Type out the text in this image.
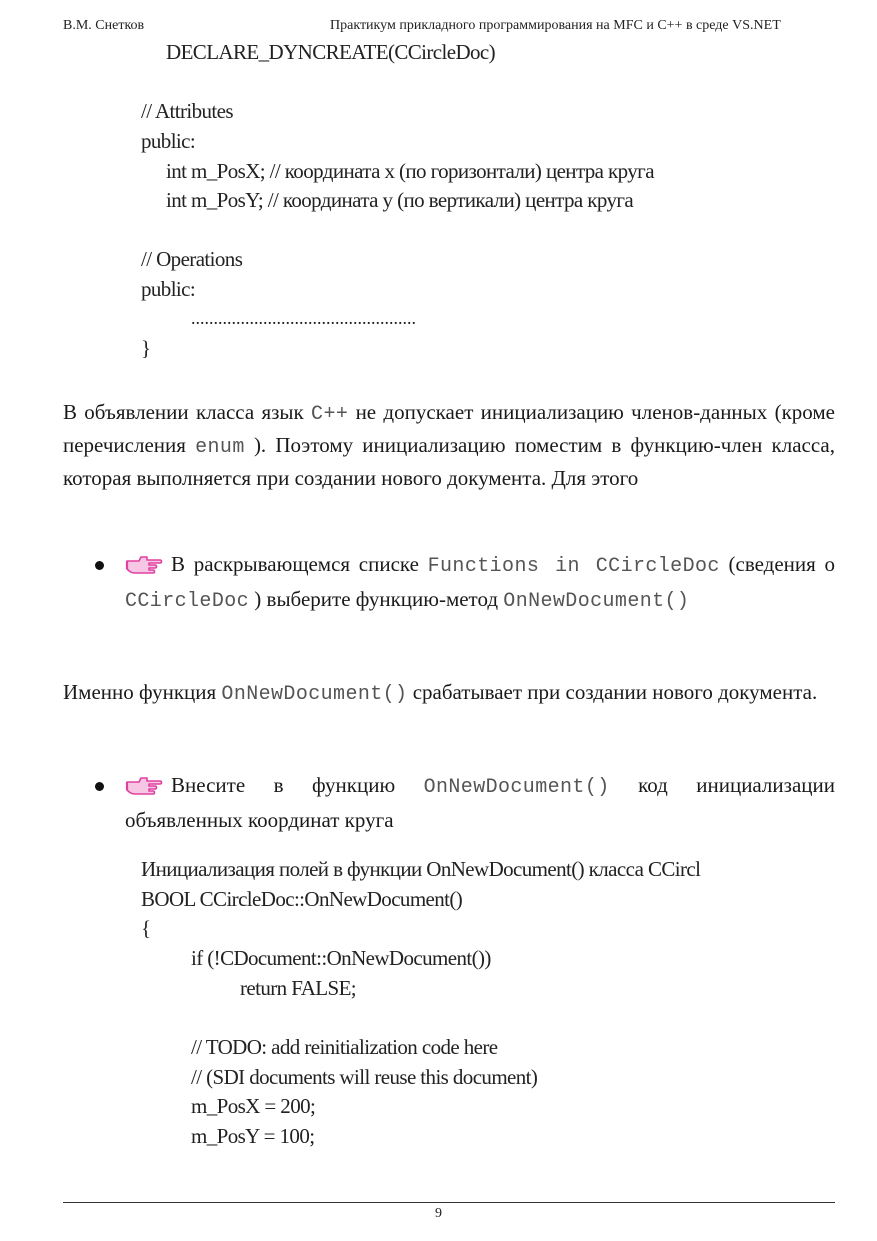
В.М. Снетков	Практикум прикладного программирования на MFC и C++ в среде VS.NET
DECLARE_DYNCREATE(CCircleDoc)
// Attributes
public:
int m_PosX; // координата x (по горизонтали) центра круга
int m_PosY; // координата y (по вертикали) центра круга
// Operations
public:
..................................................
}
В объявлении класса язык C++ не допускает инициализацию членов-данных (кроме перечисления enum ). Поэтому инициализацию поместим в функцию-член класса, которая выполняется при создании нового документа. Для этого
В раскрывающемся списке Functions in CCircleDoc (сведения о CCircleDoc ) выберите функцию-метод OnNewDocument()
Именно функция OnNewDocument() срабатывает при создании нового документа.
Внесите в функцию OnNewDocument() код инициализации объявленных координат круга
Инициализация полей в функции OnNewDocument() класса CCircl
BOOL CCircleDoc::OnNewDocument()
{
if (!CDocument::OnNewDocument())
return FALSE;
// TODO: add reinitialization code here
// (SDI documents will reuse this document)
m_PosX = 200;
m_PosY = 100;
9
